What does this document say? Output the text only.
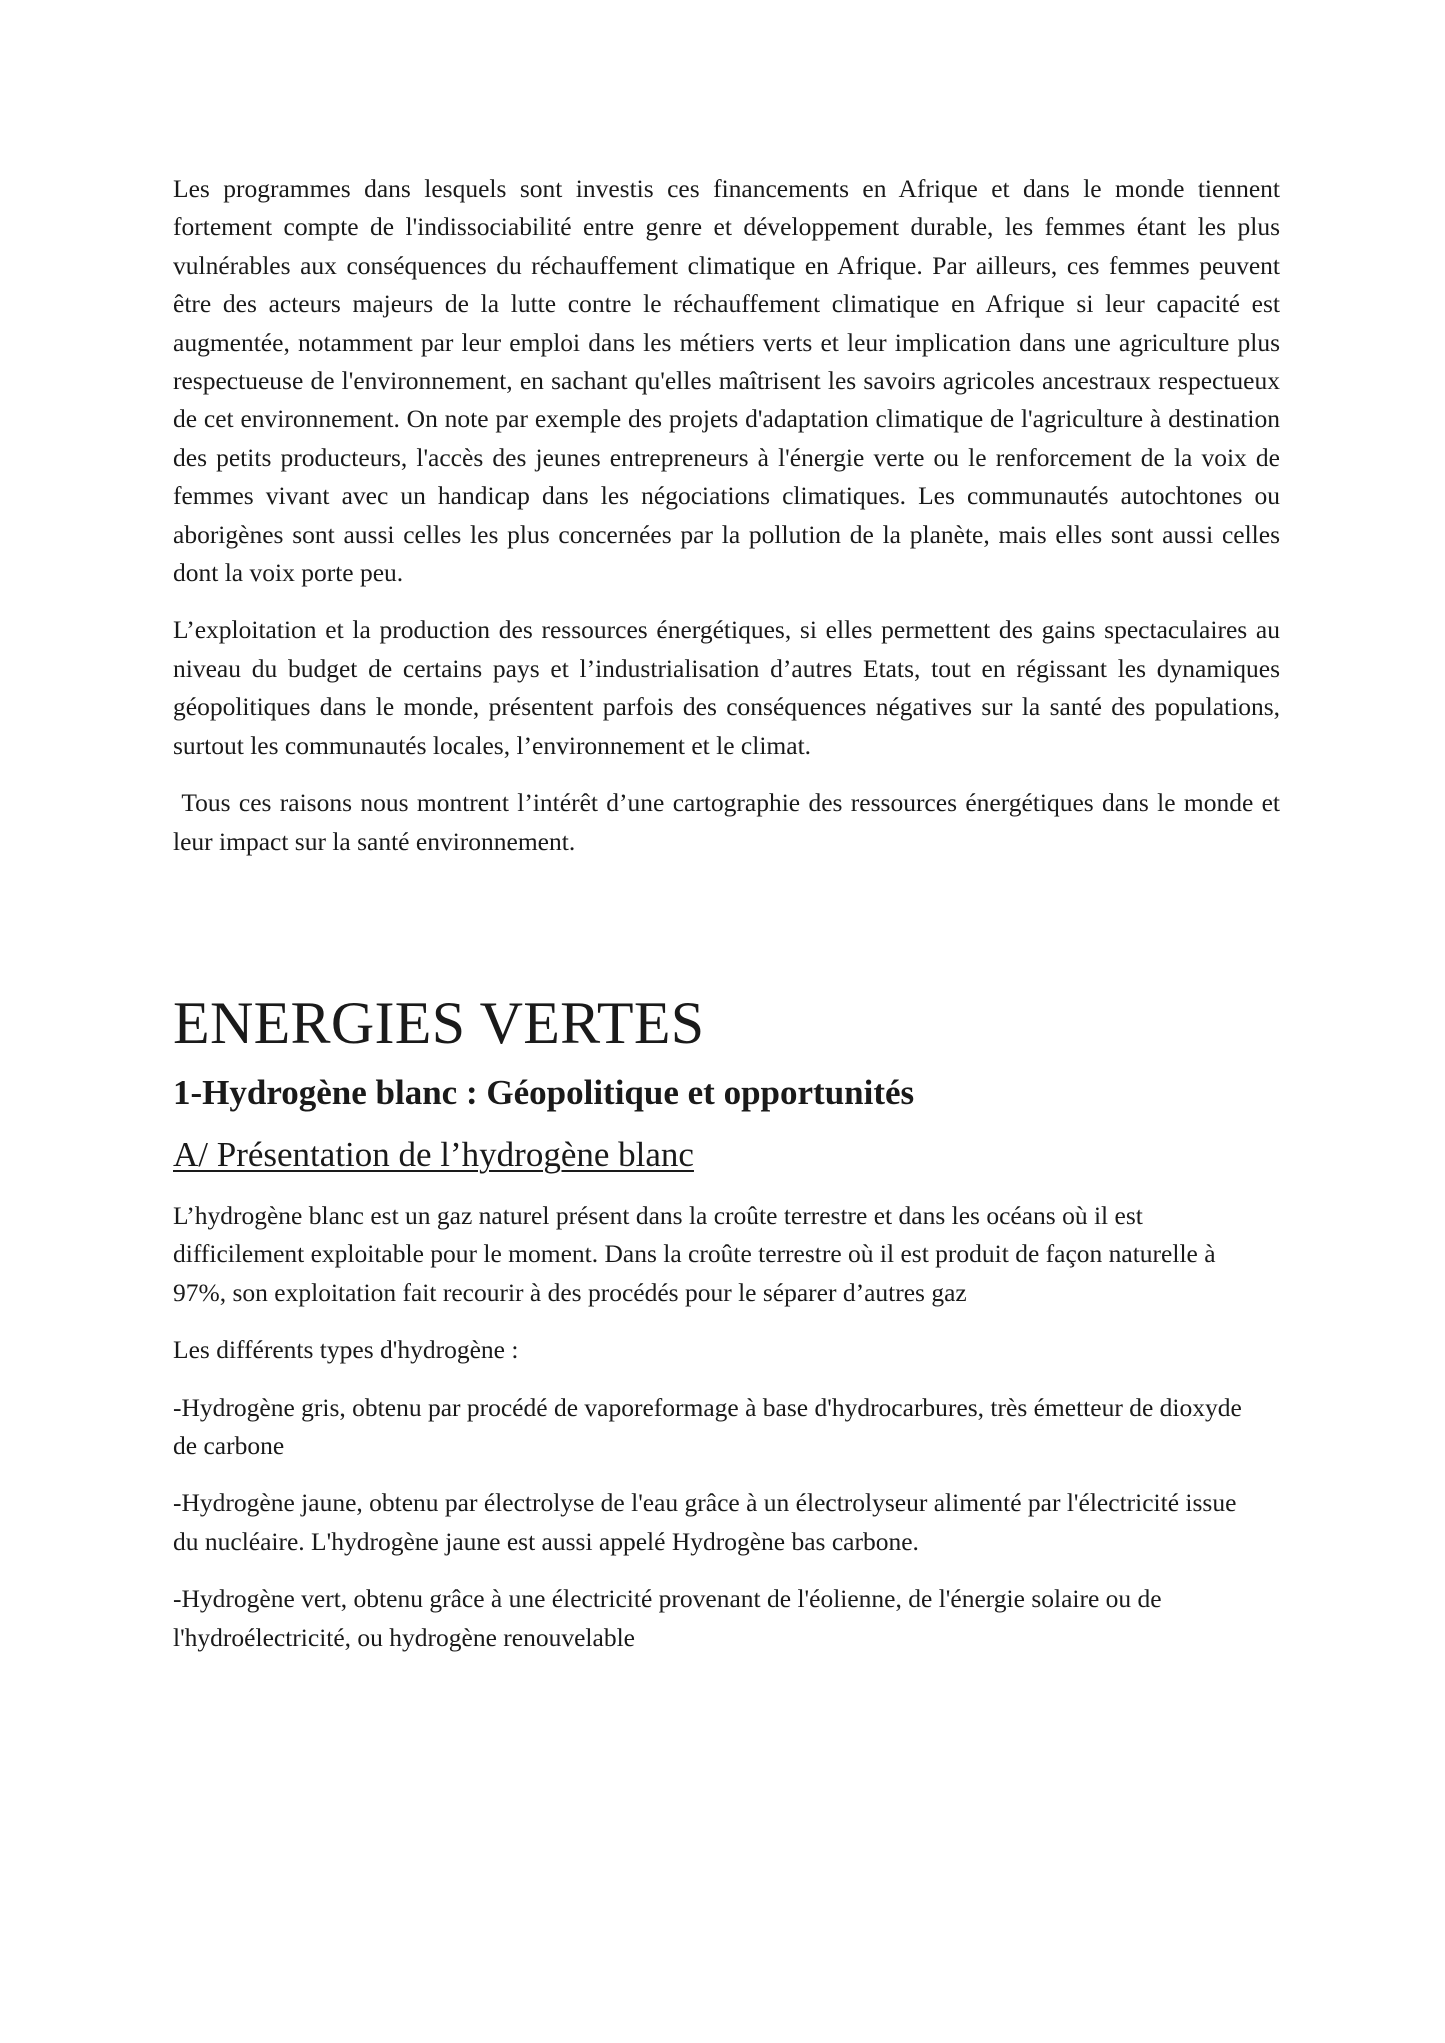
Les programmes dans lesquels sont investis ces financements en Afrique et dans le monde tiennent fortement compte de l'indissociabilité entre genre et développement durable, les femmes étant les plus vulnérables aux conséquences du réchauffement climatique en Afrique. Par ailleurs, ces femmes peuvent être des acteurs majeurs de la lutte contre le réchauffement climatique en Afrique si leur capacité est augmentée, notamment par leur emploi dans les métiers verts et leur implication dans une agriculture plus respectueuse de l'environnement, en sachant qu'elles maîtrisent les savoirs agricoles ancestraux respectueux de cet environnement. On note par exemple des projets d'adaptation climatique de l'agriculture à destination des petits producteurs, l'accès des jeunes entrepreneurs à l'énergie verte ou le renforcement de la voix de femmes vivant avec un handicap dans les négociations climatiques. Les communautés autochtones ou aborigènes sont aussi celles les plus concernées par la pollution de la planète, mais elles sont aussi celles dont la voix porte peu.

L’exploitation et la production des ressources énergétiques, si elles permettent des gains spectaculaires au niveau du budget de certains pays et l’industrialisation d’autres Etats, tout en régissant les dynamiques géopolitiques dans le monde, présentent parfois des conséquences négatives sur la santé des populations, surtout les communautés locales, l’environnement et le climat.

Tous ces raisons nous montrent l’intérêt d’une cartographie des ressources énergétiques dans le monde et leur impact sur la santé environnement.

ENERGIES VERTES
1-Hydrogène blanc : Géopolitique et opportunités
A/ Présentation de l’hydrogène blanc

L’hydrogène blanc est un gaz naturel présent dans la croûte terrestre et dans les océans où il est difficilement exploitable pour le moment. Dans la croûte terrestre où il est produit de façon naturelle à 97%, son exploitation fait recourir à des procédés pour le séparer d’autres gaz

Les différents types d'hydrogène :

-Hydrogène gris, obtenu par procédé de vaporeformage à base d'hydrocarbures, très émetteur de dioxyde de carbone

-Hydrogène jaune, obtenu par électrolyse de l'eau grâce à un électrolyseur alimenté par l'électricité issue du nucléaire. L'hydrogène jaune est aussi appelé Hydrogène bas carbone.

-Hydrogène vert, obtenu grâce à une électricité provenant de l'éolienne, de l'énergie solaire ou de l'hydroélectricité, ou hydrogène renouvelable
